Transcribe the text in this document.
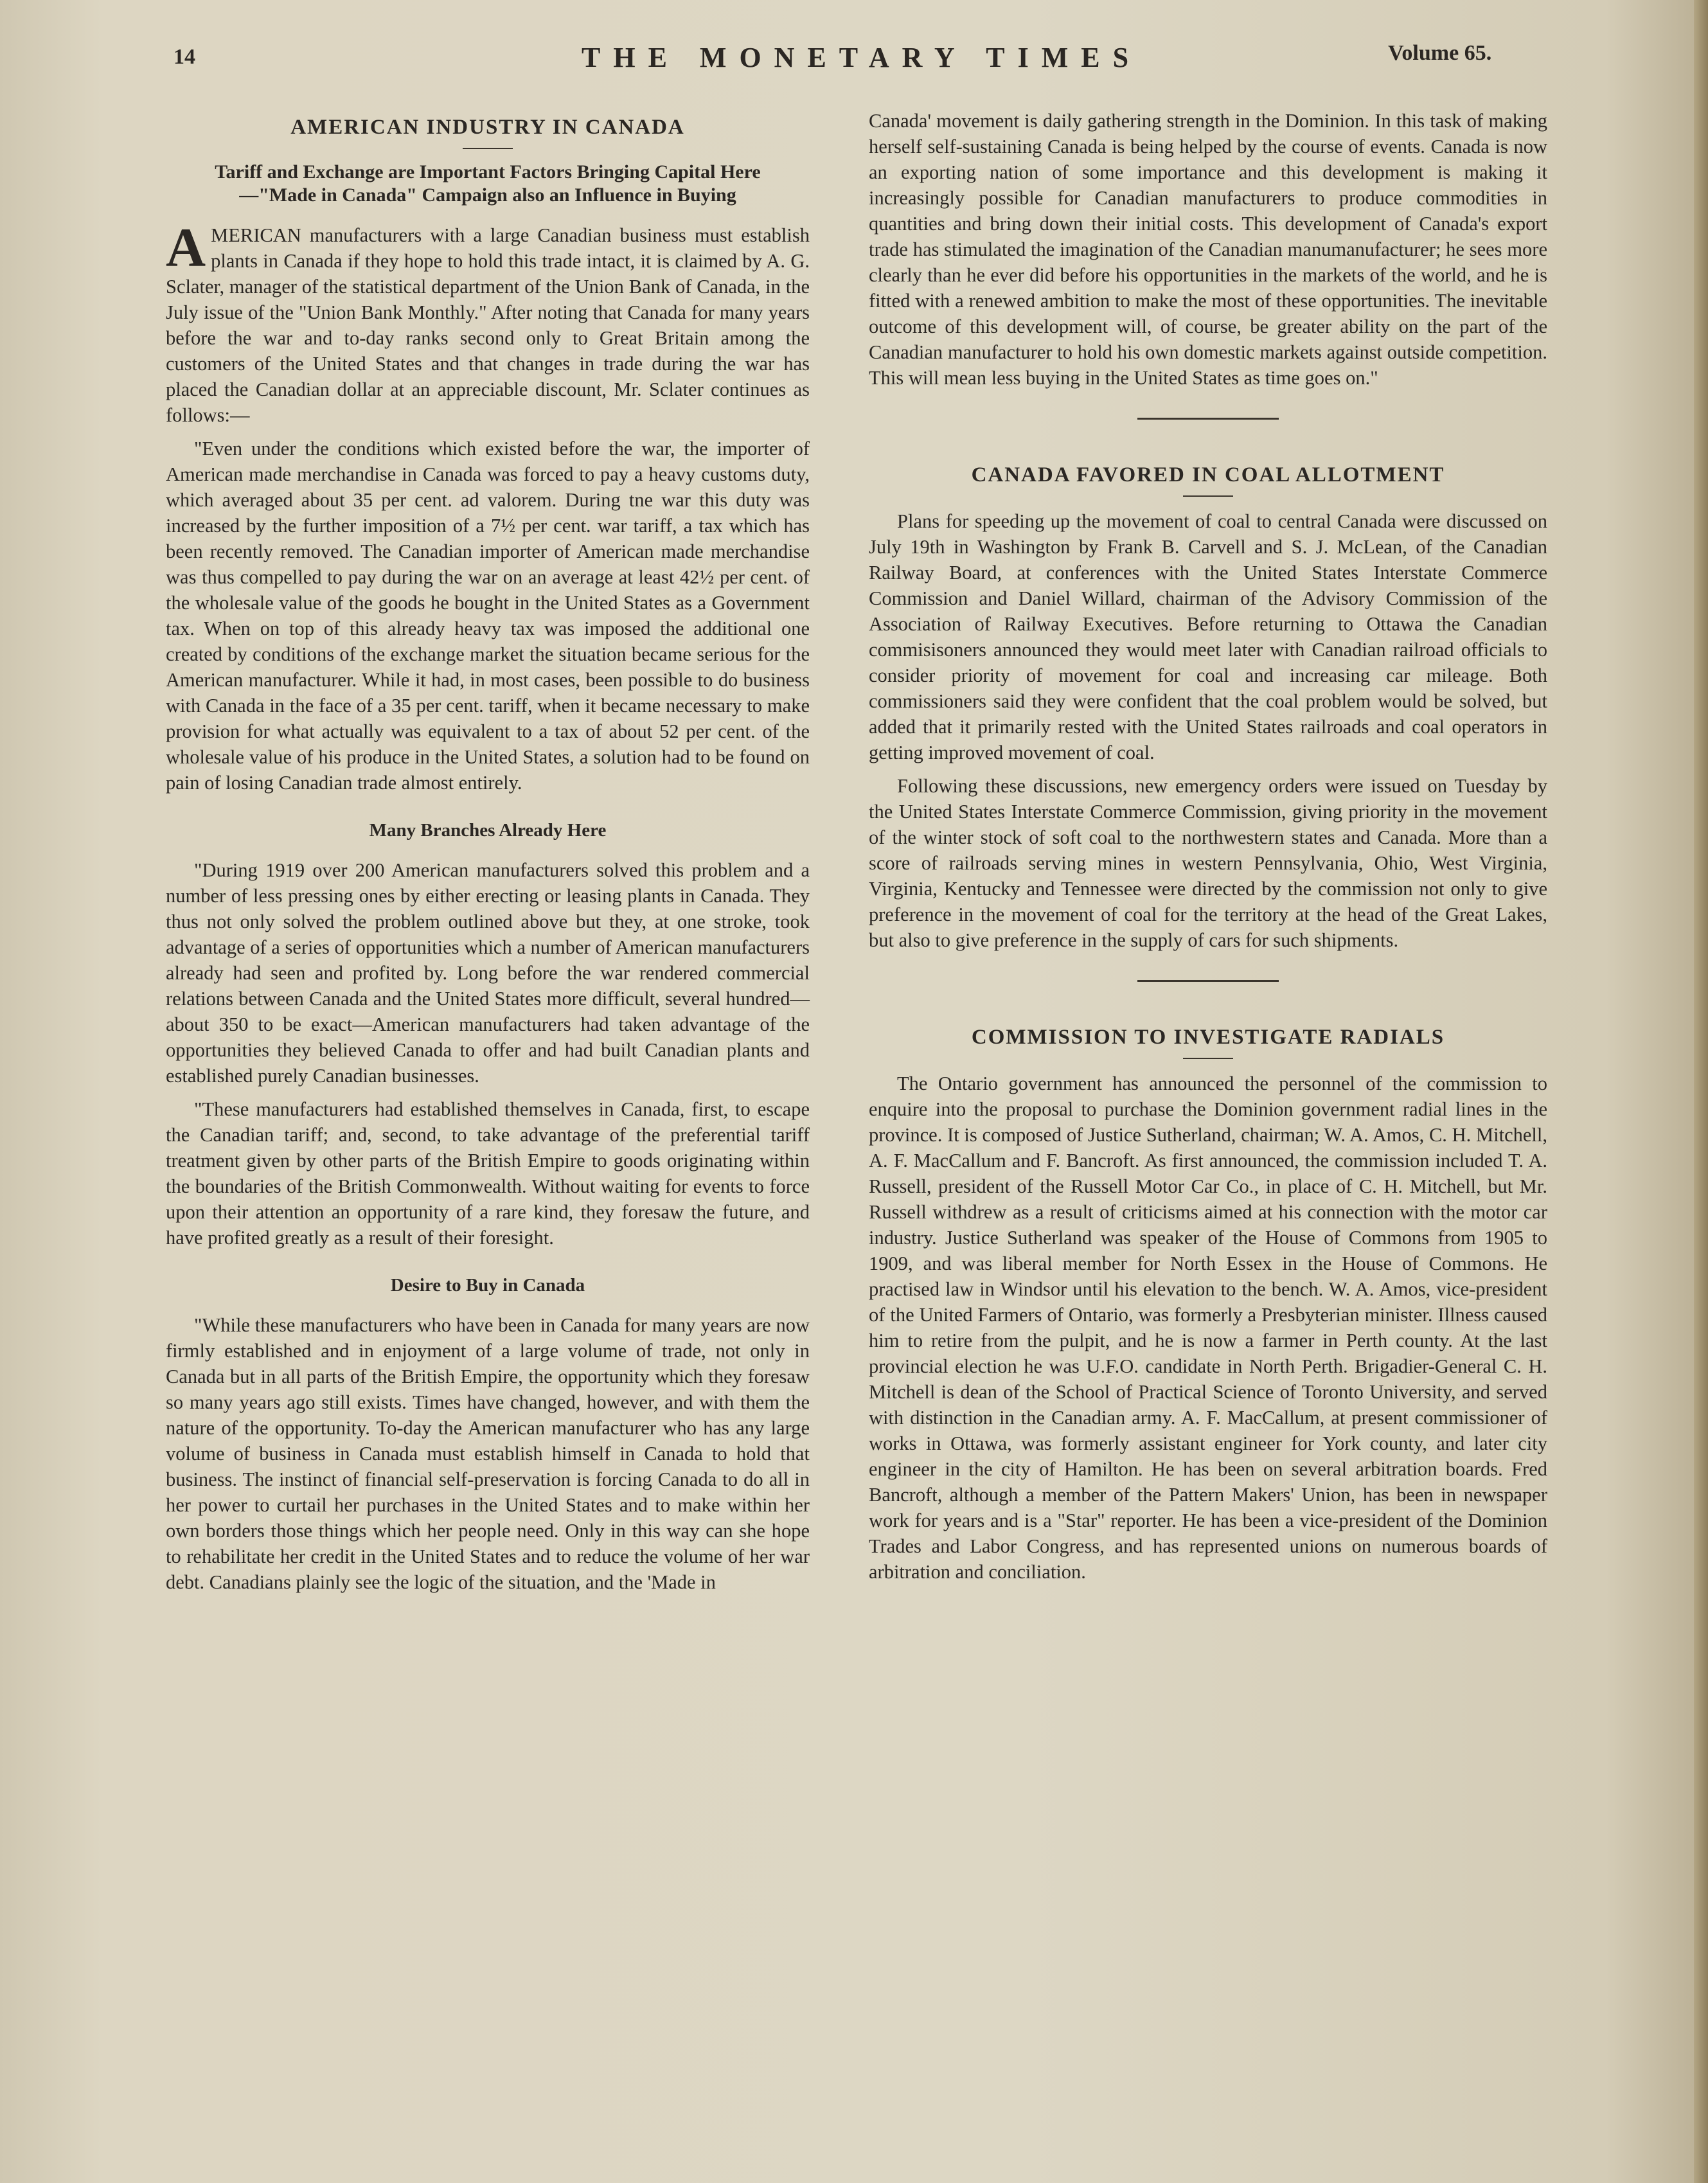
14	THE MONETARY TIMES	Volume 65.
AMERICAN INDUSTRY IN CANADA
Tariff and Exchange are Important Factors Bringing Capital Here—"Made in Canada" Campaign also an Influence in Buying

AMERICAN manufacturers with a large Canadian business must establish plants in Canada if they hope to hold this trade intact, it is claimed by A. G. Sclater, manager of the statistical department of the Union Bank of Canada, in the July issue of the "Union Bank Monthly." After noting that Canada for many years before the war and to-day ranks second only to Great Britain among the customers of the United States and that changes in trade during the war has placed the Canadian dollar at an appreciable discount, Mr. Sclater continues as follows:—

"Even under the conditions which existed before the war, the importer of American made merchandise in Canada was forced to pay a heavy customs duty, which averaged about 35 per cent. ad valorem. During tne war this duty was increased by the further imposition of a 7½ per cent. war tariff, a tax which has been recently removed. The Canadian importer of American made merchandise was thus compelled to pay during the war on an average at least 42½ per cent. of the wholesale value of the goods he bought in the United States as a Government tax. When on top of this already heavy tax was imposed the additional one created by conditions of the exchange market the situation became serious for the American manufacturer. While it had, in most cases, been possible to do business with Canada in the face of a 35 per cent. tariff, when it became necessary to make provision for what actually was equivalent to a tax of about 52 per cent. of the wholesale value of his produce in the United States, a solution had to be found on pain of losing Canadian trade almost entirely.

Many Branches Already Here

"During 1919 over 200 American manufacturers solved this problem and a number of less pressing ones by either erecting or leasing plants in Canada. They thus not only solved the problem outlined above but they, at one stroke, took advantage of a series of opportunities which a number of American manufacturers already had seen and profited by. Long before the war rendered commercial relations between Canada and the United States more difficult, several hundred—about 350 to be exact—American manufacturers had taken advantage of the opportunities they believed Canada to offer and had built Canadian plants and established purely Canadian businesses.

"These manufacturers had established themselves in Canada, first, to escape the Canadian tariff; and, second, to take advantage of the preferential tariff treatment given by other parts of the British Empire to goods originating within the boundaries of the British Commonwealth. Without waiting for events to force upon their attention an opportunity of a rare kind, they foresaw the future, and have profited greatly as a result of their foresight.

Desire to Buy in Canada

"While these manufacturers who have been in Canada for many years are now firmly established and in enjoyment of a large volume of trade, not only in Canada but in all parts of the British Empire, the opportunity which they foresaw so many years ago still exists. Times have changed, however, and with them the nature of the opportunity. To-day the American manufacturer who has any large volume of business in Canada must establish himself in Canada to hold that business. The instinct of financial self-preservation is forcing Canada to do all in her power to curtail her purchases in the United States and to make within her own borders those things which her people need. Only in this way can she hope to rehabilitate her credit in the United States and to reduce the volume of her war debt. Canadians plainly see the logic of the situation, and the 'Made in

Canada' movement is daily gathering strength in the Dominion. In this task of making herself self-sustaining Canada is being helped by the course of events. Canada is now an exporting nation of some importance and this development is making it increasingly possible for Canadian manufacturers to produce commodities in quantities and bring down their initial costs. This development of Canada's export trade has stimulated the imagination of the Canadian manumanufacturer; he sees more clearly than he ever did before his opportunities in the markets of the world, and he is fitted with a renewed ambition to make the most of these opportunities. The inevitable outcome of this development will, of course, be greater ability on the part of the Canadian manufacturer to hold his own domestic markets against outside competition. This will mean less buying in the United States as time goes on."

CANADA FAVORED IN COAL ALLOTMENT

Plans for speeding up the movement of coal to central Canada were discussed on July 19th in Washington by Frank B. Carvell and S. J. McLean, of the Canadian Railway Board, at conferences with the United States Interstate Commerce Commission and Daniel Willard, chairman of the Advisory Commission of the Association of Railway Executives. Before returning to Ottawa the Canadian commisisoners announced they would meet later with Canadian railroad officials to consider priority of movement for coal and increasing car mileage. Both commissioners said they were confident that the coal problem would be solved, but added that it primarily rested with the United States railroads and coal operators in getting improved movement of coal.

Following these discussions, new emergency orders were issued on Tuesday by the United States Interstate Commerce Commission, giving priority in the movement of the winter stock of soft coal to the northwestern states and Canada. More than a score of railroads serving mines in western Pennsylvania, Ohio, West Virginia, Virginia, Kentucky and Tennessee were directed by the commission not only to give preference in the movement of coal for the territory at the head of the Great Lakes, but also to give preference in the supply of cars for such shipments.

COMMISSION TO INVESTIGATE RADIALS

The Ontario government has announced the personnel of the commission to enquire into the proposal to purchase the Dominion government radial lines in the province. It is composed of Justice Sutherland, chairman; W. A. Amos, C. H. Mitchell, A. F. MacCallum and F. Bancroft. As first announced, the commission included T. A. Russell, president of the Russell Motor Car Co., in place of C. H. Mitchell, but Mr. Russell withdrew as a result of criticisms aimed at his connection with the motor car industry. Justice Sutherland was speaker of the House of Commons from 1905 to 1909, and was liberal member for North Essex in the House of Commons. He practised law in Windsor until his elevation to the bench. W. A. Amos, vice-president of the United Farmers of Ontario, was formerly a Presbyterian minister. Illness caused him to retire from the pulpit, and he is now a farmer in Perth county. At the last provincial election he was U.F.O. candidate in North Perth. Brigadier-General C. H. Mitchell is dean of the School of Practical Science of Toronto University, and served with distinction in the Canadian army. A. F. MacCallum, at present commissioner of works in Ottawa, was formerly assistant engineer for York county, and later city engineer in the city of Hamilton. He has been on several arbitration boards. Fred Bancroft, although a member of the Pattern Makers' Union, has been in newspaper work for years and is a "Star" reporter. He has been a vice-president of the Dominion Trades and Labor Congress, and has represented unions on numerous boards of arbitration and conciliation.
